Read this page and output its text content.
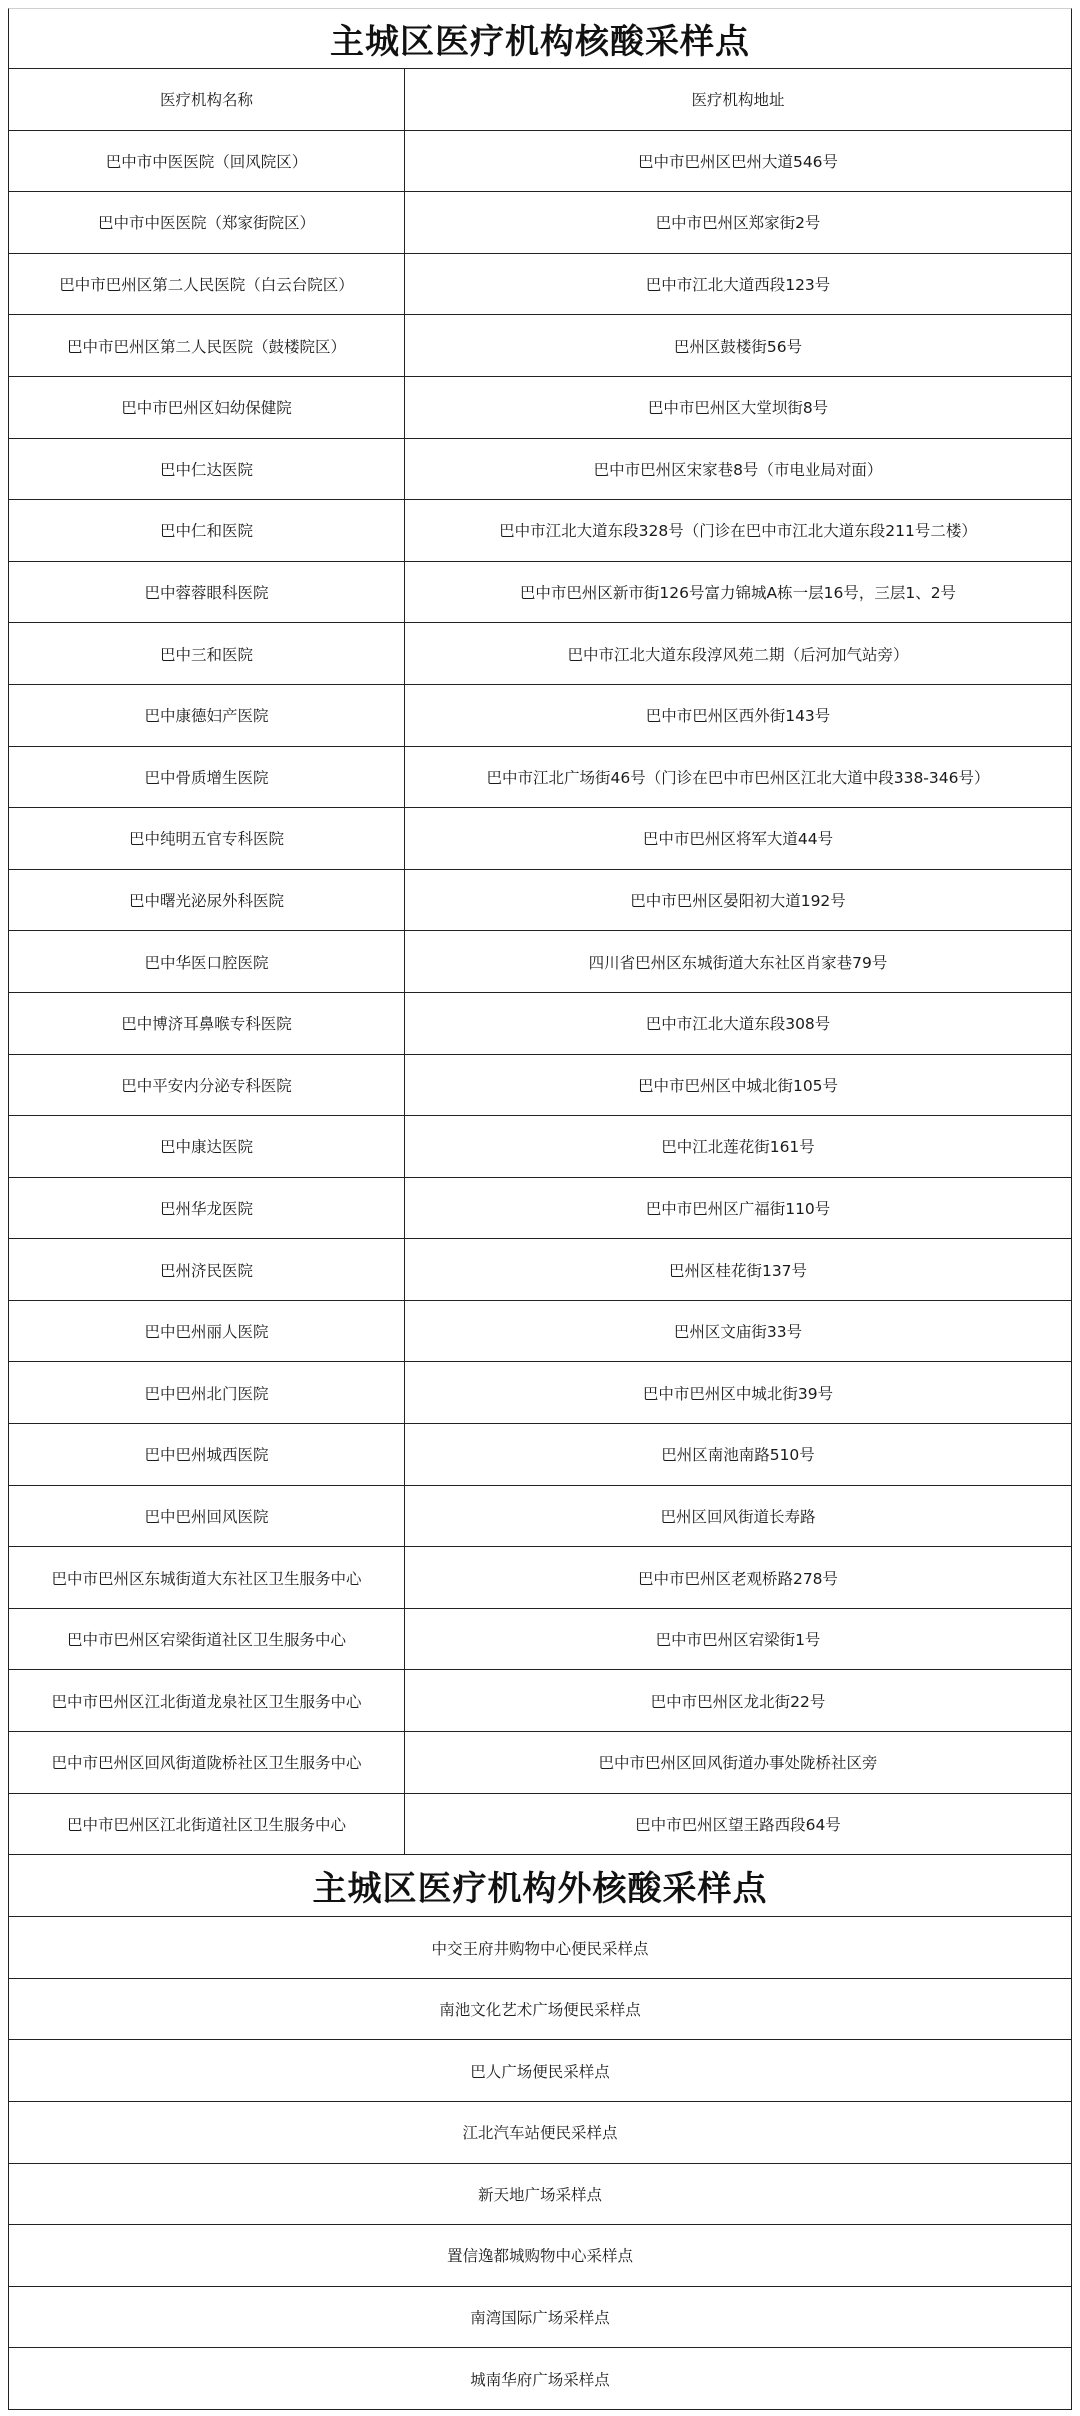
主城区医疗机构核酸采样点
医疗机构名称	医疗机构地址
巴中市中医医院（回风院区）	巴中市巴州区巴州大道546号
巴中市中医医院（郑家街院区）	巴中市巴州区郑家街2号
巴中市巴州区第二人民医院（白云台院区）	巴中市江北大道西段123号
巴中市巴州区第二人民医院（鼓楼院区）	巴州区鼓楼街56号
巴中市巴州区妇幼保健院	巴中市巴州区大堂坝街8号
巴中仁达医院	巴中市巴州区宋家巷8号（市电业局对面）
巴中仁和医院	巴中市江北大道东段328号（门诊在巴中市江北大道东段211号二楼）
巴中蓉蓉眼科医院	巴中市巴州区新市街126号富力锦城A栋一层16号，三层1、2号
巴中三和医院	巴中市江北大道东段淳风苑二期（后河加气站旁）
巴中康德妇产医院	巴中市巴州区西外街143号
巴中骨质增生医院	巴中市江北广场街46号（门诊在巴中市巴州区江北大道中段338-346号）
巴中纯明五官专科医院	巴中市巴州区将军大道44号
巴中曙光泌尿外科医院	巴中市巴州区晏阳初大道192号
巴中华医口腔医院	四川省巴州区东城街道大东社区肖家巷79号
巴中博济耳鼻喉专科医院	巴中市江北大道东段308号
巴中平安内分泌专科医院	巴中市巴州区中城北街105号
巴中康达医院	巴中江北莲花街161号
巴州华龙医院	巴中市巴州区广福街110号
巴州济民医院	巴州区桂花街137号
巴中巴州丽人医院	巴州区文庙街33号
巴中巴州北门医院	巴中市巴州区中城北街39号
巴中巴州城西医院	巴州区南池南路510号
巴中巴州回风医院	巴州区回风街道长寿路
巴中市巴州区东城街道大东社区卫生服务中心	巴中市巴州区老观桥路278号
巴中市巴州区宕梁街道社区卫生服务中心	巴中市巴州区宕梁街1号
巴中市巴州区江北街道龙泉社区卫生服务中心	巴中市巴州区龙北街22号
巴中市巴州区回风街道陇桥社区卫生服务中心	巴中市巴州区回风街道办事处陇桥社区旁
巴中市巴州区江北街道社区卫生服务中心	巴中市巴州区望王路西段64号
主城区医疗机构外核酸采样点
中交王府井购物中心便民采样点
南池文化艺术广场便民采样点
巴人广场便民采样点
江北汽车站便民采样点
新天地广场采样点
置信逸都城购物中心采样点
南湾国际广场采样点
城南华府广场采样点
